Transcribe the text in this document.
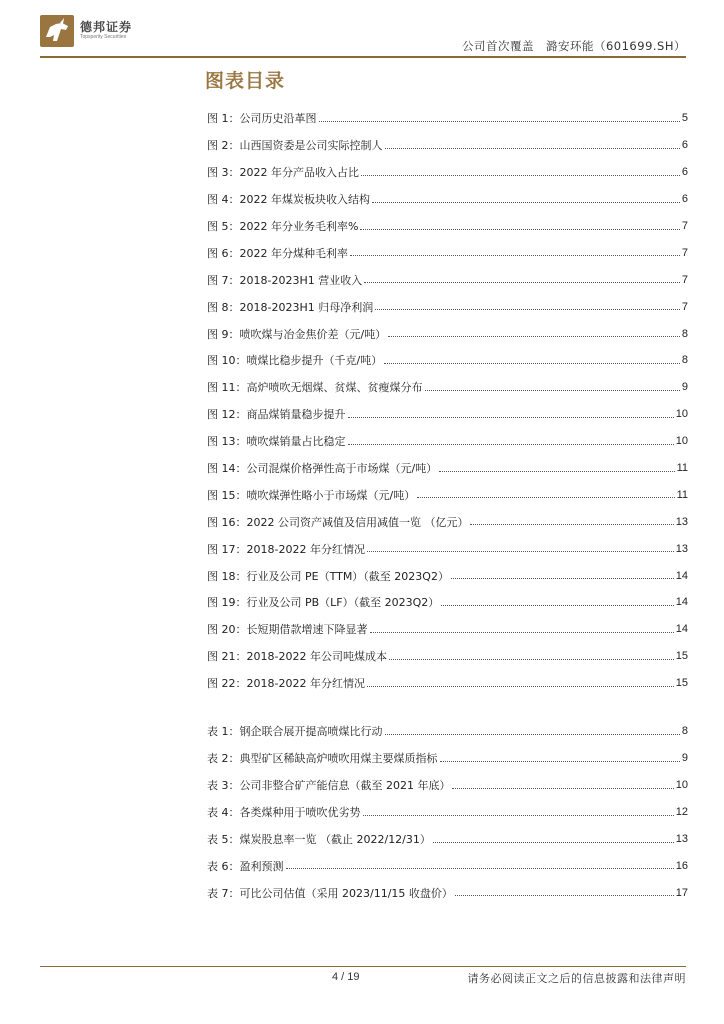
德邦证券
Topsperity Securities
公司首次覆盖　潞安环能（601699.SH）
图表目录
图 1：公司历史沿革图	5
图 2：山西国资委是公司实际控制人	6
图 3：2022 年分产品收入占比	6
图 4：2022 年煤炭板块收入结构	6
图 5：2022 年分业务毛利率%	7
图 6：2022 年分煤种毛利率	7
图 7：2018-2023H1 营业收入	7
图 8：2018-2023H1 归母净利润	7
图 9：喷吹煤与冶金焦价差（元/吨）	8
图 10：喷煤比稳步提升（千克/吨）	8
图 11：高炉喷吹无烟煤、贫煤、贫瘦煤分布	9
图 12：商品煤销量稳步提升	10
图 13：喷吹煤销量占比稳定	10
图 14：公司混煤价格弹性高于市场煤（元/吨）	11
图 15：喷吹煤弹性略小于市场煤（元/吨）	11
图 16：2022 公司资产减值及信用减值一览 （亿元）	13
图 17：2018-2022 年分红情况	13
图 18：行业及公司 PE（TTM）（截至 2023Q2）	14
图 19：行业及公司 PB（LF）（截至 2023Q2）	14
图 20：长短期借款增速下降显著	14
图 21：2018-2022 年公司吨煤成本	15
图 22：2018-2022 年分红情况	15
表 1：钢企联合展开提高喷煤比行动	8
表 2：典型矿区稀缺高炉喷吹用煤主要煤质指标	9
表 3：公司非整合矿产能信息（截至 2021 年底）	10
表 4：各类煤种用于喷吹优劣势	12
表 5：煤炭股息率一览 （截止 2022/12/31）	13
表 6：盈利预测	16
表 7：可比公司估值（采用 2023/11/15 收盘价）	17
4 / 19	请务必阅读正文之后的信息披露和法律声明
